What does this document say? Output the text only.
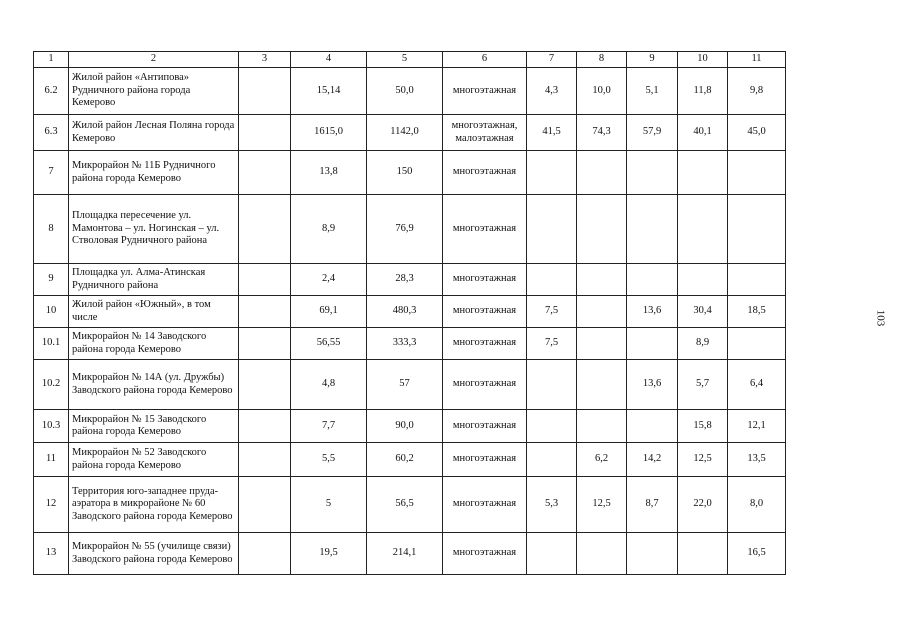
1	2	3	4	5	6	7	8	9	10	11
6.2	Жилой район «Антипова» Рудничного района города Кемерово		15,14	50,0	многоэтажная	4,3	10,0	5,1	11,8	9,8
6.3	Жилой район Лесная Поляна города Кемерово		1615,0	1142,0	многоэтажная, малоэтажная	41,5	74,3	57,9	40,1	45,0
7	Микрорайон № 11Б Рудничного района города Кемерово		13,8	150	многоэтажная					
8	Площадка пересечение ул. Мамонтова – ул. Ногинская – ул. Стволовая Рудничного района		8,9	76,9	многоэтажная					
9	Площадка ул. Алма-Атинская Рудничного района		2,4	28,3	многоэтажная					
10	Жилой район «Южный», в том числе		69,1	480,3	многоэтажная	7,5		13,6	30,4	18,5
10.1	Микрорайон № 14 Заводского района города Кемерово		56,55	333,3	многоэтажная	7,5			8,9	
10.2	Микрорайон № 14А (ул. Дружбы) Заводского района города Кемерово		4,8	57	многоэтажная			13,6	5,7	6,4
10.3	Микрорайон № 15 Заводского района города Кемерово		7,7	90,0	многоэтажная				15,8	12,1
11	Микрорайон № 52 Заводского района города Кемерово		5,5	60,2	многоэтажная		6,2	14,2	12,5	13,5
12	Территория юго-западнее пруда-аэратора в микрорайоне № 60 Заводского района города Кемерово		5	56,5	многоэтажная	5,3	12,5	8,7	22,0	8,0
13	Микрорайон № 55 (училище связи) Заводского района города Кемерово		19,5	214,1	многоэтажная					16,5
103
